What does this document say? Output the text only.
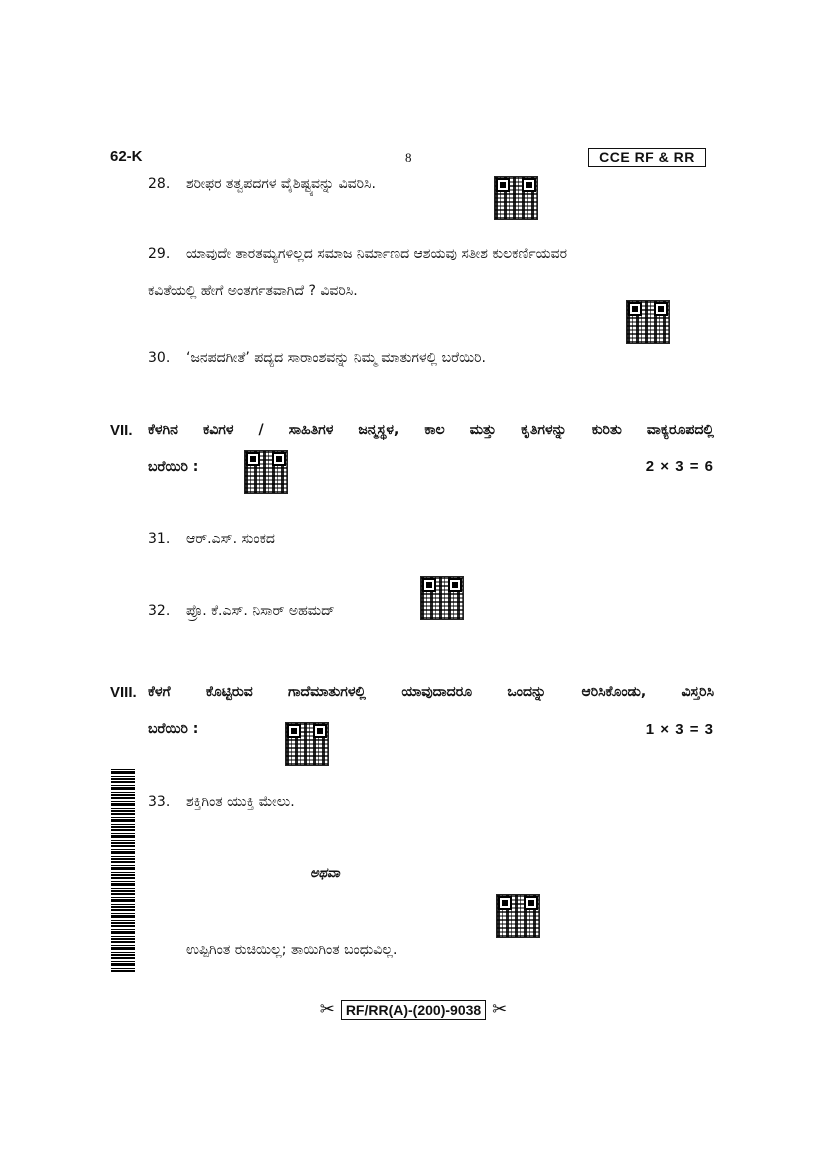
62-K	8	CCE RF & RR
28. ಶರೀಫರ ತತ್ವಪದಗಳ ವೈಶಿಷ್ಟ್ಯವನ್ನು ವಿವರಿಸಿ.
29. ಯಾವುದೇ ತಾರತಮ್ಯಗಳಿಲ್ಲದ ಸಮಾಜ ನಿರ್ಮಾಣದ ಆಶಯವು ಸತೀಶ ಕುಲಕರ್ಣಿಯವರ
ಕವಿತೆಯಲ್ಲಿ ಹೇಗೆ ಅಂತರ್ಗತವಾಗಿದೆ ? ವಿವರಿಸಿ.
30. ‘ಜನಪದಗೀತೆ’ ಪದ್ಯದ ಸಾರಾಂಶವನ್ನು ನಿಮ್ಮ ಮಾತುಗಳಲ್ಲಿ ಬರೆಯಿರಿ.
VII. ಕೆಳಗಿನ ಕವಿಗಳ / ಸಾಹಿತಿಗಳ ಜನ್ಮಸ್ಥಳ, ಕಾಲ ಮತ್ತು ಕೃತಿಗಳನ್ನು ಕುರಿತು ವಾಕ್ಯರೂಪದಲ್ಲಿ
ಬರೆಯಿರಿ :	2 × 3 = 6
31. ಆರ್.ಎಸ್. ಸುಂಕದ
32. ಪ್ರೊ. ಕೆ.ಎಸ್. ನಿಸಾರ್ ಅಹಮದ್
VIII. ಕೆಳಗೆ ಕೊಟ್ಟಿರುವ ಗಾದೆಮಾತುಗಳಲ್ಲಿ ಯಾವುದಾದರೂ ಒಂದನ್ನು ಆರಿಸಿಕೊಂಡು, ವಿಸ್ತರಿಸಿ
ಬರೆಯಿರಿ :	1 × 3 = 3
33. ಶಕ್ತಿಗಿಂತ ಯುಕ್ತಿ ಮೇಲು.
ಅಥವಾ
ಉಪ್ಪಿಗಿಂತ ರುಚಿಯಿಲ್ಲ; ತಾಯಿಗಿಂತ ಬಂಧುವಿಲ್ಲ.
✂ RF/RR(A)-(200)-9038 ✂
